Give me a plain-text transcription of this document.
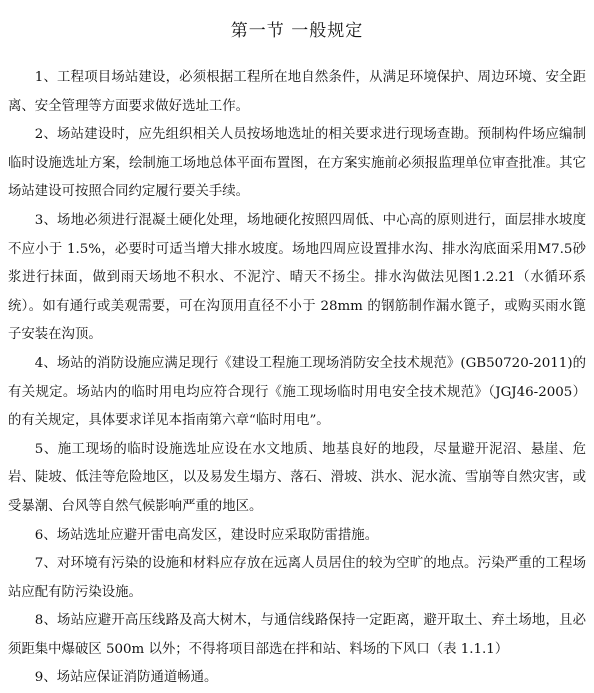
第一节 一般规定

1、工程项目场站建设，必须根据工程所在地自然条件，从满足环境保护、周边环境、安全距离、安全管理等方面要求做好选址工作。

2、场站建设时，应先组织相关人员按场地选址的相关要求进行现场查勘。预制构件场应编制临时设施选址方案，绘制施工场地总体平面布置图，在方案实施前必须报监理单位审查批准。其它场站建设可按照合同约定履行要关手续。

3、场地必须进行混凝土硬化处理，场地硬化按照四周低、中心高的原则进行，面层排水坡度不应小于 1.5%，必要时可适当增大排水坡度。场地四周应设置排水沟、排水沟底面采用M7.5砂浆进行抹面，做到雨天场地不积水、不泥泞、晴天不扬尘。排水沟做法见图1.2.21（水循环系统）。如有通行或美观需要，可在沟顶用直径不小于 28mm 的钢筋制作漏水篦子，或购买雨水篦子安装在沟顶。

4、场站的消防设施应满足现行《建设工程施工现场消防安全技术规范》(GB50720-2011)的有关规定。场站内的临时用电均应符合现行《施工现场临时用电安全技术规范》（JGJ46-2005）的有关规定，具体要求详见本指南第六章“临时用电”。

5、施工现场的临时设施选址应设在水文地质、地基良好的地段，尽量避开泥沼、悬崖、危岩、陡坡、低洼等危险地区，以及易发生塌方、落石、滑坡、洪水、泥水流、雪崩等自然灾害，或受暴潮、台风等自然气候影响严重的地区。

6、场站选址应避开雷电高发区，建设时应采取防雷措施。

7、对环境有污染的设施和材料应存放在远离人员居住的较为空旷的地点。污染严重的工程场站应配有防污染设施。

8、场站应避开高压线路及高大树木，与通信线路保持一定距离，避开取土、弃土场地，且必须距集中爆破区 500m 以外；不得将项目部选在拌和站、料场的下风口（表 1.1.1）

9、场站应保证消防通道畅通。
